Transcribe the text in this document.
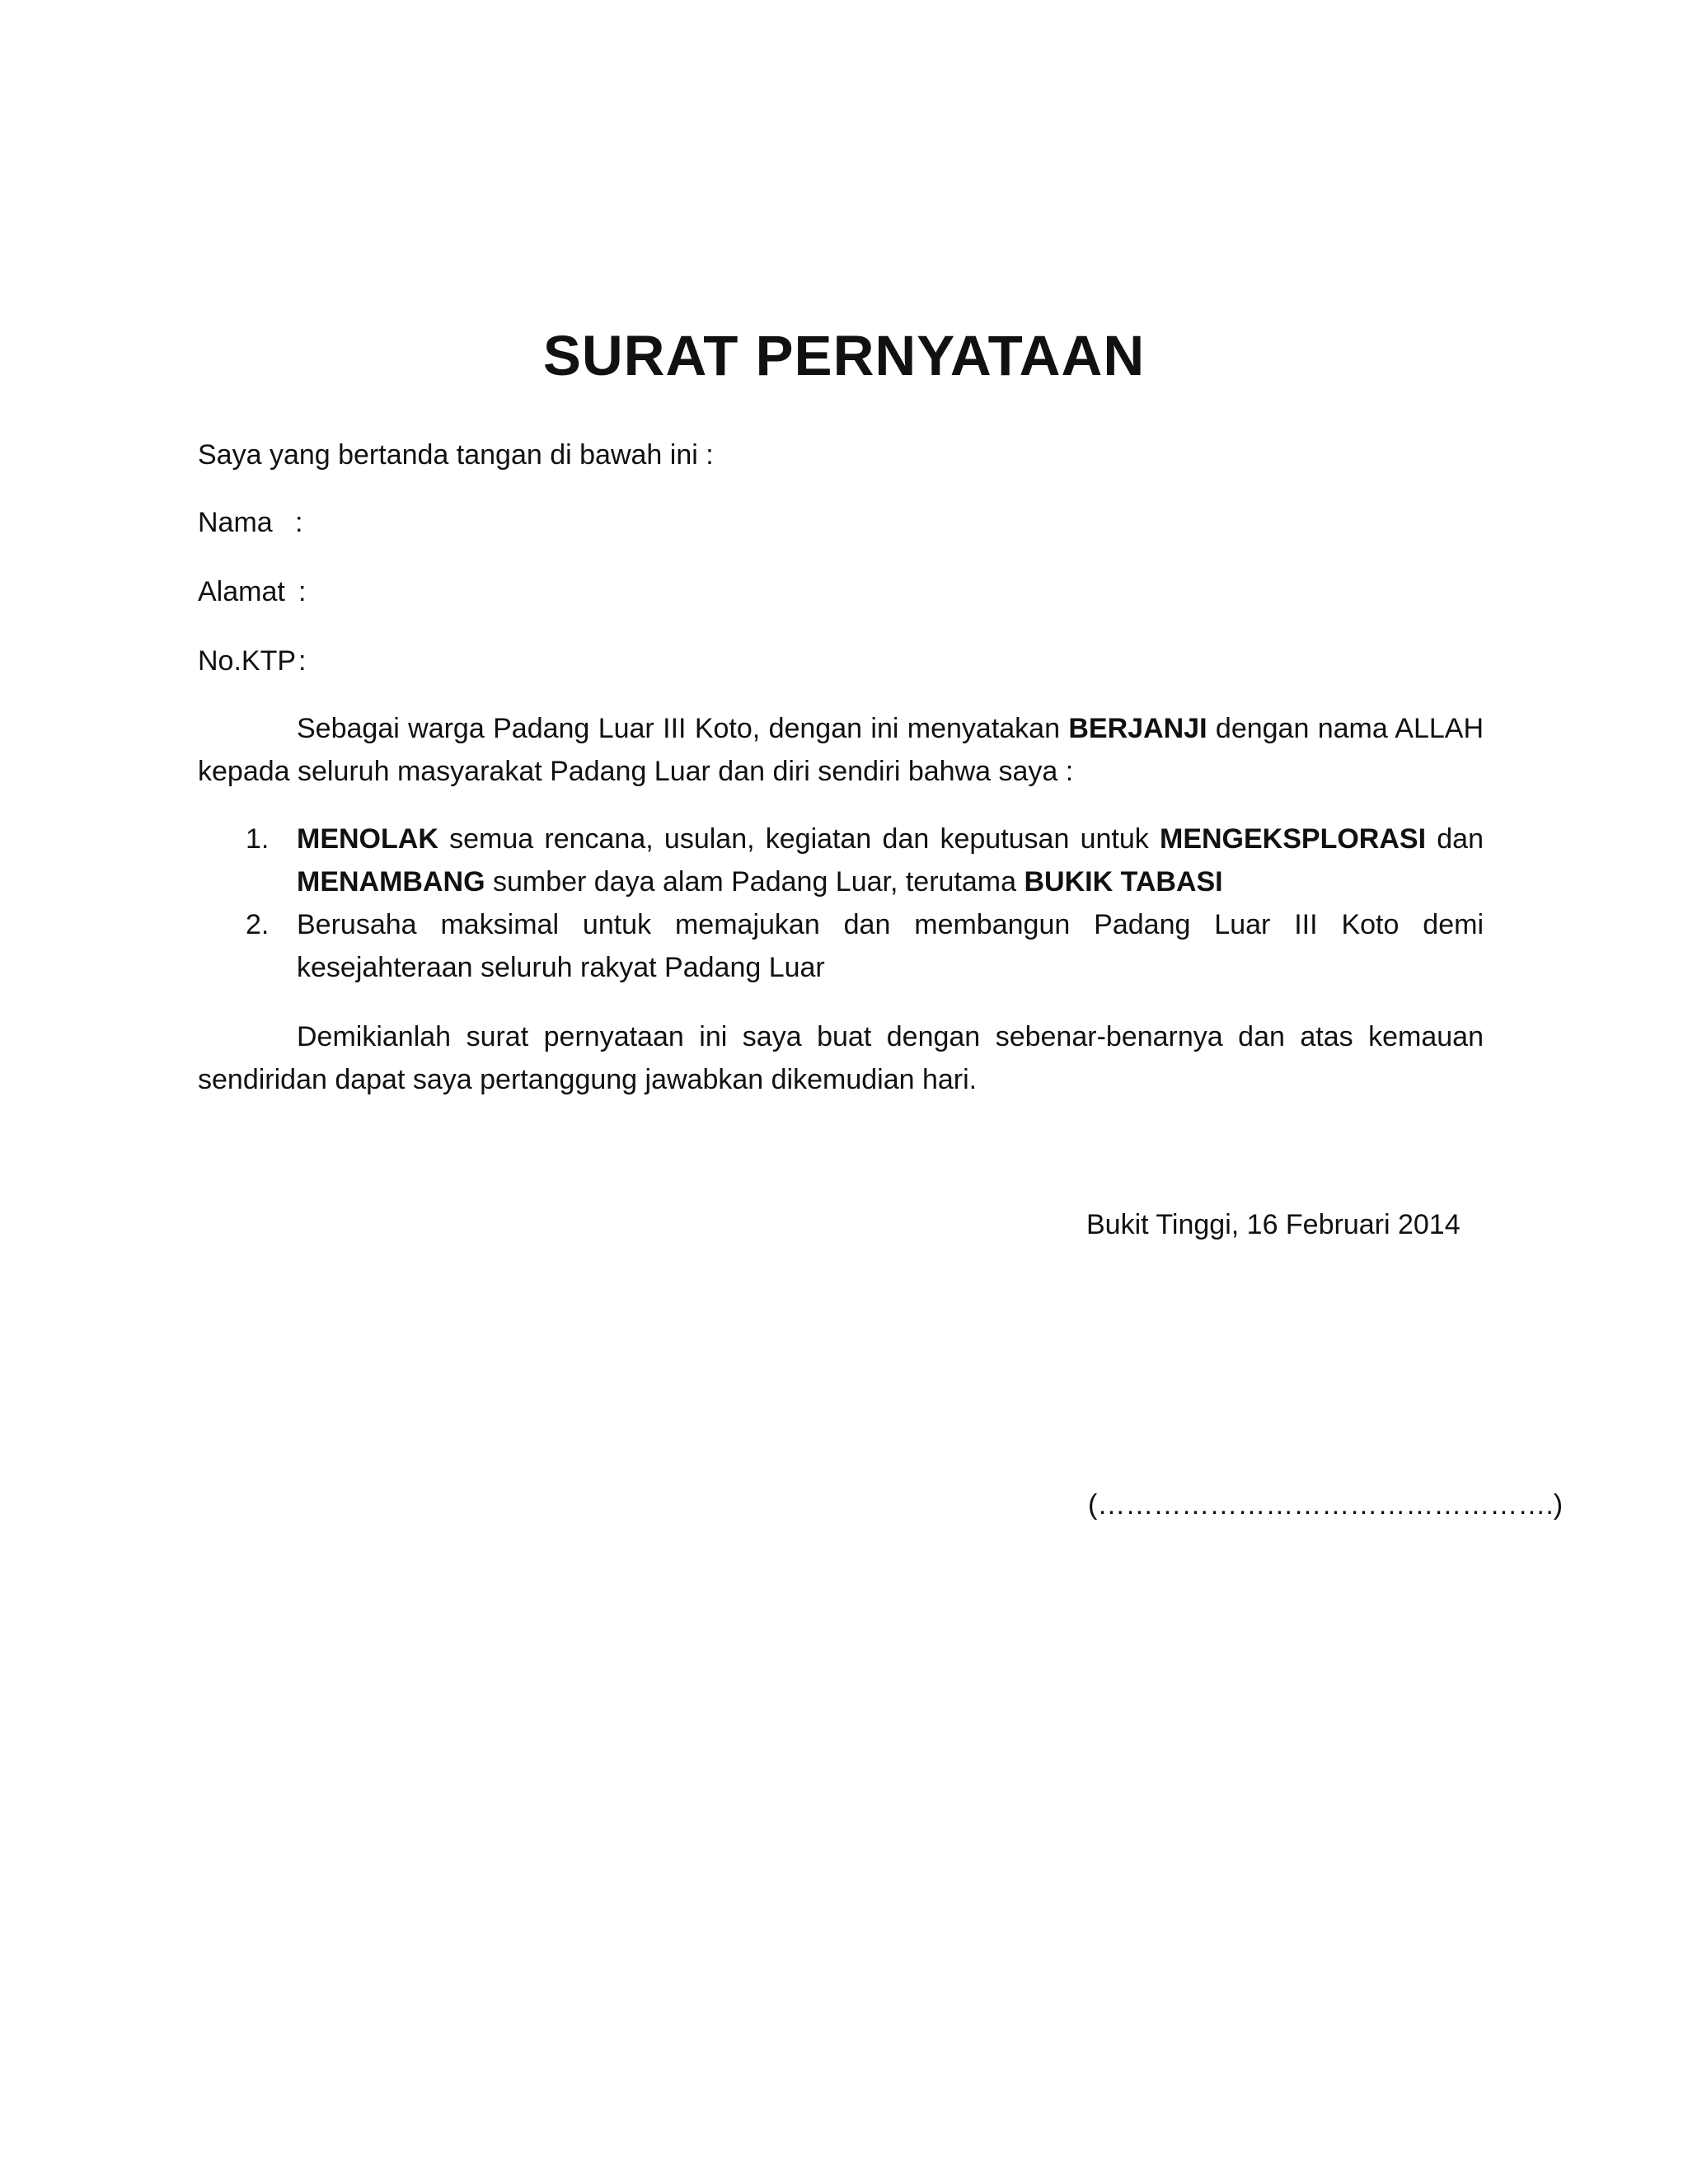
SURAT PERNYATAAN
Saya yang bertanda tangan di bawah ini :
Nama :
Alamat :
No.KTP:
Sebagai warga Padang Luar III Koto, dengan ini menyatakan BERJANJI dengan nama ALLAH kepada seluruh masyarakat Padang Luar dan diri sendiri bahwa saya :
1. MENOLAK semua rencana, usulan, kegiatan dan keputusan untuk MENGEKSPLORASI dan MENAMBANG sumber daya alam Padang Luar, terutama BUKIK TABASI
2. Berusaha maksimal untuk memajukan dan membangun Padang Luar III Koto demi kesejahteraan seluruh rakyat Padang Luar
Demikianlah surat pernyataan ini saya buat dengan sebenar-benarnya dan atas kemauan sendiridan dapat saya pertanggung jawabkan dikemudian hari.
Bukit Tinggi, 16 Februari 2014
(………………………………………….)
